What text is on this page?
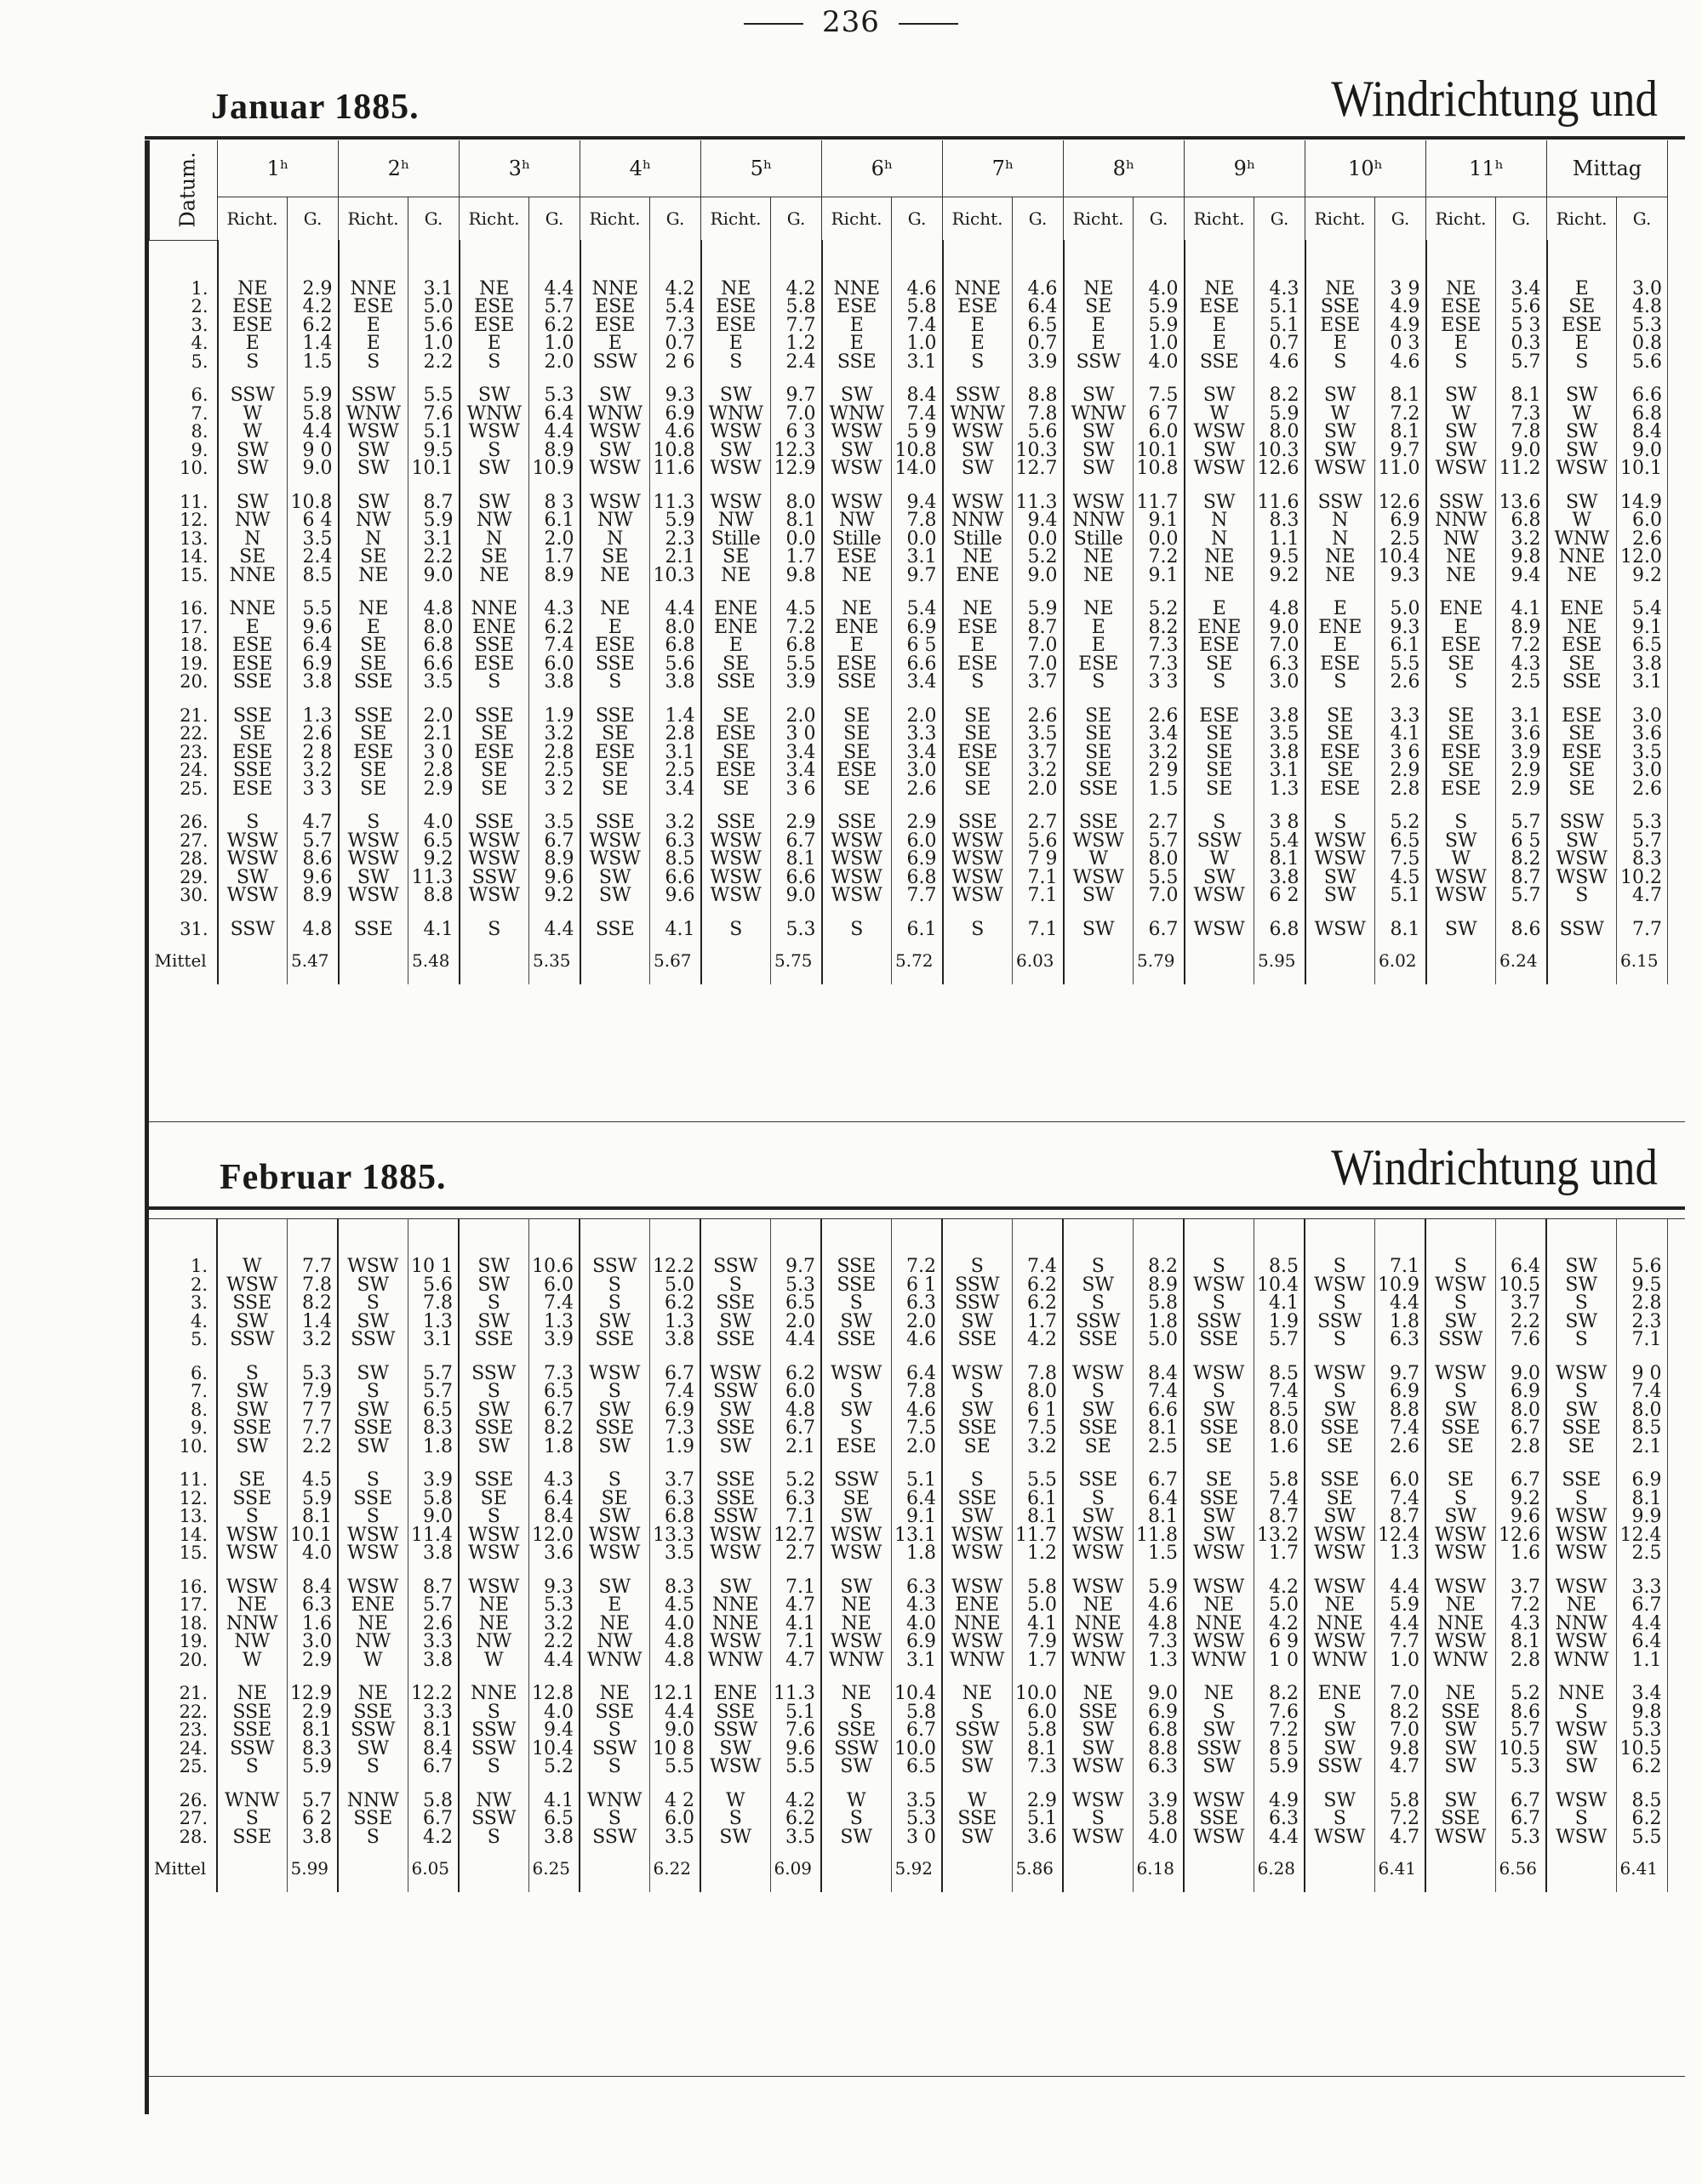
236
Januar 1885.	Windrichtung und
Februar 1885.	Windrichtung und
Datum.	1ʰ		2ʰ		3ʰ		4ʰ		5ʰ		6ʰ		7ʰ		8ʰ		9ʰ		10ʰ		11ʰ		Mittag	
	Richt.	G.	Richt.	G.	Richt.	G.	Richt.	G.	Richt.	G.	Richt.	G.	Richt.	G.	Richt.	G.	Richt.	G.	Richt.	G.	Richt.	G.	Richt.	G.

1.	NE	2.9	NNE	3.1	NE	4.4	NNE	4.2	NE	4.2	NNE	4.6	NNE	4.6	NE	4.0	NE	4.3	NE	3 9	NE	3.4	E	3.0
2.	ESE	4.2	ESE	5.0	ESE	5.7	ESE	5.4	ESE	5.8	ESE	5.8	ESE	6.4	SE	5.9	ESE	5.1	SSE	4.9	ESE	5.6	SE	4.8
3.	ESE	6.2	E	5.6	ESE	6.2	ESE	7.3	ESE	7.7	E	7.4	E	6.5	E	5.9	E	5.1	ESE	4.9	ESE	5 3	ESE	5.3
4.	E	1.4	E	1.0	E	1.0	E	0.7	E	1.2	E	1.0	E	0.7	E	1.0	E	0.7	E	0 3	E	0.3	E	0.8
5.	S	1.5	S	2.2	S	2.0	SSW	2 6	S	2.4	SSE	3.1	S	3.9	SSW	4.0	SSE	4.6	S	4.6	S	5.7	S	5.6

6.	SSW	5.9	SSW	5.5	SW	5.3	SW	9.3	SW	9.7	SW	8.4	SSW	8.8	SW	7.5	SW	8.2	SW	8.1	SW	8.1	SW	6.6
7.	W	5.8	WNW	7.6	WNW	6.4	WNW	6.9	WNW	7.0	WNW	7.4	WNW	7.8	WNW	6 7	W	5.9	W	7.2	W	7.3	W	6.8
8.	W	4.4	WSW	5.1	WSW	4.4	WSW	4.6	WSW	6 3	WSW	5 9	WSW	5.6	SW	6.0	WSW	8.0	SW	8.1	SW	7.8	SW	8.4
9.	SW	9 0	SW	9.5	S	8.9	SW	10.8	SW	12.3	SW	10.8	SW	10.3	SW	10.1	SW	10.3	SW	9.7	SW	9.0	SW	9.0
10.	SW	9.0	SW	10.1	SW	10.9	WSW	11.6	WSW	12.9	WSW	14.0	SW	12.7	SW	10.8	WSW	12.6	WSW	11.0	WSW	11.2	WSW	10.1

11.	SW	10.8	SW	8.7	SW	8 3	WSW	11.3	WSW	8.0	WSW	9.4	WSW	11.3	WSW	11.7	SW	11.6	SSW	12.6	SSW	13.6	SW	14.9
12.	NW	6 4	NW	5.9	NW	6.1	NW	5.9	NW	8.1	NW	7.8	NNW	9.4	NNW	9.1	N	8.3	N	6.9	NNW	6.8	W	6.0
13.	N	3.5	N	3.1	N	2.0	N	2.3	Stille	0.0	Stille	0.0	Stille	0.0	Stille	0.0	N	1.1	N	2.5	NW	3.2	WNW	2.6
14.	SE	2.4	SE	2.2	SE	1.7	SE	2.1	SE	1.7	ESE	3.1	NE	5.2	NE	7.2	NE	9.5	NE	10.4	NE	9.8	NNE	12.0
15.	NNE	8.5	NE	9.0	NE	8.9	NE	10.3	NE	9.8	NE	9.7	ENE	9.0	NE	9.1	NE	9.2	NE	9.3	NE	9.4	NE	9.2

16.	NNE	5.5	NE	4.8	NNE	4.3	NE	4.4	ENE	4.5	NE	5.4	NE	5.9	NE	5.2	E	4.8	E	5.0	ENE	4.1	ENE	5.4
17.	E	9.6	E	8.0	ENE	6.2	E	8.0	ENE	7.2	ENE	6.9	ESE	8.7	E	8.2	ENE	9.0	ENE	9.3	E	8.9	NE	9.1
18.	ESE	6.4	SE	6.8	SSE	7.4	ESE	6.8	E	6.8	E	6 5	E	7.0	E	7.3	ESE	7.0	E	6.1	ESE	7.2	ESE	6.5
19.	ESE	6.9	SE	6.6	ESE	6.0	SSE	5.6	SE	5.5	ESE	6.6	ESE	7.0	ESE	7.3	SE	6.3	ESE	5.5	SE	4.3	SE	3.8
20.	SSE	3.8	SSE	3.5	S	3.8	S	3.8	SSE	3.9	SSE	3.4	S	3.7	S	3 3	S	3.0	S	2.6	S	2.5	SSE	3.1

21.	SSE	1.3	SSE	2.0	SSE	1.9	SSE	1.4	SE	2.0	SE	2.0	SE	2.6	SE	2.6	ESE	3.8	SE	3.3	SE	3.1	ESE	3.0
22.	SE	2.6	SE	2.1	SE	3.2	SE	2.8	ESE	3 0	SE	3.3	SE	3.5	SE	3.4	SE	3.5	SE	4.1	SE	3.6	SE	3.6
23.	ESE	2 8	ESE	3 0	ESE	2.8	ESE	3.1	SE	3.4	SE	3.4	ESE	3.7	SE	3.2	SE	3.8	ESE	3 6	ESE	3.9	ESE	3.5
24.	SSE	3.2	SE	2.8	SE	2.5	SE	2.5	ESE	3.4	ESE	3.0	SE	3.2	SE	2 9	SE	3.1	SE	2.9	SE	2.9	SE	3.0
25.	ESE	3 3	SE	2.9	SE	3 2	SE	3.4	SE	3 6	SE	2.6	SE	2.0	SSE	1.5	SE	1.3	ESE	2.8	ESE	2.9	SE	2.6

26.	S	4.7	S	4.0	SSE	3.5	SSE	3.2	SSE	2.9	SSE	2.9	SSE	2.7	SSE	2.7	S	3 8	S	5.2	S	5.7	SSW	5.3
27.	WSW	5.7	WSW	6.5	WSW	6.7	WSW	6.3	WSW	6.7	WSW	6.0	WSW	5.6	WSW	5.7	SSW	5.4	WSW	6.5	SW	6 5	SW	5.7
28.	WSW	8.6	WSW	9.2	WSW	8.9	WSW	8.5	WSW	8.1	WSW	6.9	WSW	7 9	W	8.0	W	8.1	WSW	7.5	W	8.2	WSW	8.3
29.	SW	9.6	SW	11.3	SSW	9.6	SW	6.6	WSW	6.6	WSW	6.8	WSW	7.1	WSW	5.5	SW	3.8	SW	4.5	WSW	8.7	WSW	10.2
30.	WSW	8.9	WSW	8.8	WSW	9.2	SW	9.6	WSW	9.0	WSW	7.7	WSW	7.1	SW	7.0	WSW	6 2	SW	5.1	WSW	5.7	S	4.7

31.	SSW	4.8	SSE	4.1	S	4.4	SSE	4.1	S	5.3	S	6.1	S	7.1	SW	6.7	WSW	6.8	WSW	8.1	SW	8.6	SSW	7.7
Mittel		5.47		5.48		5.35		5.67		5.75		5.72		6.03		5.79		5.95		6.02		6.24		6.15

1.	W	7.7	WSW	10 1	SW	10.6	SSW	12.2	SSW	9.7	SSE	7.2	S	7.4	S	8.2	S	8.5	S	7.1	S	6.4	SW	5.6
2.	WSW	7.8	SW	5.6	SW	6.0	S	5.0	S	5.3	SSE	6 1	SSW	6.2	SW	8.9	WSW	10.4	WSW	10.9	WSW	10.5	SW	9.5
3.	SSE	8.2	S	7.8	S	7.4	S	6.2	SSE	6.5	S	6.3	SSW	6.2	S	5.8	S	4.1	S	4.4	S	3.7	S	2.8
4.	SW	1.4	SW	1.3	SW	1.3	SW	1.3	SW	2.0	SW	2.0	SW	1.7	SSW	1.8	SSW	1.9	SSW	1.8	SW	2.2	SW	2.3
5.	SSW	3.2	SSW	3.1	SSE	3.9	SSE	3.8	SSE	4.4	SSE	4.6	SSE	4.2	SSE	5.0	SSE	5.7	S	6.3	SSW	7.6	S	7.1

6.	S	5.3	SW	5.7	SSW	7.3	WSW	6.7	WSW	6.2	WSW	6.4	WSW	7.8	WSW	8.4	WSW	8.5	WSW	9.7	WSW	9.0	WSW	9 0
7.	SW	7.9	S	5.7	S	6.5	S	7.4	SSW	6.0	S	7.8	S	8.0	S	7.4	S	7.4	S	6.9	S	6.9	S	7.4
8.	SW	7 7	SW	6.5	SW	6.7	SW	6.9	SW	4.8	SW	4.6	SW	6 1	SW	6.6	SW	8.5	SW	8.8	SW	8.0	SW	8.0
9.	SSE	7.7	SSE	8.3	SSE	8.2	SSE	7.3	SSE	6.7	S	7.5	SSE	7.5	SSE	8.1	SSE	8.0	SSE	7.4	SSE	6.7	SSE	8.5
10.	SW	2.2	SW	1.8	SW	1.8	SW	1.9	SW	2.1	ESE	2.0	SE	3.2	SE	2.5	SE	1.6	SE	2.6	SE	2.8	SE	2.1

11.	SE	4.5	S	3.9	SSE	4.3	S	3.7	SSE	5.2	SSW	5.1	S	5.5	SSE	6.7	SE	5.8	SSE	6.0	SE	6.7	SSE	6.9
12.	SSE	5.9	SSE	5.8	SE	6.4	SE	6.3	SSE	6.3	SE	6.4	SSE	6.1	S	6.4	SSE	7.4	SE	7.4	S	9.2	S	8.1
13.	S	8.1	S	9.0	S	8.4	SW	6.8	SSW	7.1	SW	9.1	SW	8.1	SW	8.1	SW	8.7	SW	8.7	SW	9.6	WSW	9.9
14.	WSW	10.1	WSW	11.4	WSW	12.0	WSW	13.3	WSW	12.7	WSW	13.1	WSW	11.7	WSW	11.8	SW	13.2	WSW	12.4	WSW	12.6	WSW	12.4
15.	WSW	4.0	WSW	3.8	WSW	3.6	WSW	3.5	WSW	2.7	WSW	1.8	WSW	1.2	WSW	1.5	WSW	1.7	WSW	1.3	WSW	1.6	WSW	2.5

16.	WSW	8.4	WSW	8.7	WSW	9.3	SW	8.3	SW	7.1	SW	6.3	WSW	5.8	WSW	5.9	WSW	4.2	WSW	4.4	WSW	3.7	WSW	3.3
17.	NE	6.3	ENE	5.7	NE	5.3	E	4.5	NNE	4.7	NE	4.3	ENE	5.0	NE	4.6	NE	5.0	NE	5.9	NE	7.2	NE	6.7
18.	NNW	1.6	NE	2.6	NE	3.2	NE	4.0	NNE	4.1	NE	4.0	NNE	4.1	NNE	4.8	NNE	4.2	NNE	4.4	NNE	4.3	NNW	4.4
19.	NW	3.0	NW	3.3	NW	2.2	NW	4.8	WSW	7.1	WSW	6.9	WSW	7.9	WSW	7.3	WSW	6 9	WSW	7.7	WSW	8.1	WSW	6.4
20.	W	2.9	W	3.8	W	4.4	WNW	4.8	WNW	4.7	WNW	3.1	WNW	1.7	WNW	1.3	WNW	1 0	WNW	1.0	WNW	2.8	WNW	1.1

21.	NE	12.9	NE	12.2	NNE	12.8	NE	12.1	ENE	11.3	NE	10.4	NE	10.0	NE	9.0	NE	8.2	ENE	7.0	NE	5.2	NNE	3.4
22.	SSE	2.9	SSE	3.3	S	4.0	SSE	4.4	SSE	5.1	S	5.8	S	6.0	SSE	6.9	S	7.6	S	8.2	SSE	8.6	S	9.8
23.	SSE	8.1	SSW	8.1	SSW	9.4	S	9.0	SSW	7.6	SSE	6.7	SSW	5.8	SW	6.8	SW	7.2	SW	7.0	SW	5.7	WSW	5.3
24.	SSW	8.3	SW	8.4	SSW	10.4	SSW	10 8	SW	9.6	SSW	10.0	SW	8.1	SW	8.8	SSW	8 5	SW	9.8	SW	10.5	SW	10.5
25.	S	5.9	S	6.7	S	5.2	S	5.5	WSW	5.5	SW	6.5	SW	7.3	WSW	6.3	SW	5.9	SSW	4.7	SW	5.3	SW	6.2

26.	WNW	5.7	NNW	5.8	NW	4.1	WNW	4 2	W	4.2	W	3.5	W	2.9	WSW	3.9	WSW	4.9	SW	5.8	SW	6.7	WSW	8.5
27.	S	6 2	SSE	6.7	SSW	6.5	S	6.0	S	6.2	S	5.3	SSE	5.1	S	5.8	SSE	6.3	S	7.2	SSE	6.7	S	6.2
28.	SSE	3.8	S	4.2	S	3.8	SSW	3.5	SW	3.5	SW	3 0	SW	3.6	WSW	4.0	WSW	4.4	WSW	4.7	WSW	5.3	WSW	5.5
Mittel		5.99		6.05		6.25		6.22		6.09		5.92		5.86		6.18		6.28		6.41		6.56		6.41
